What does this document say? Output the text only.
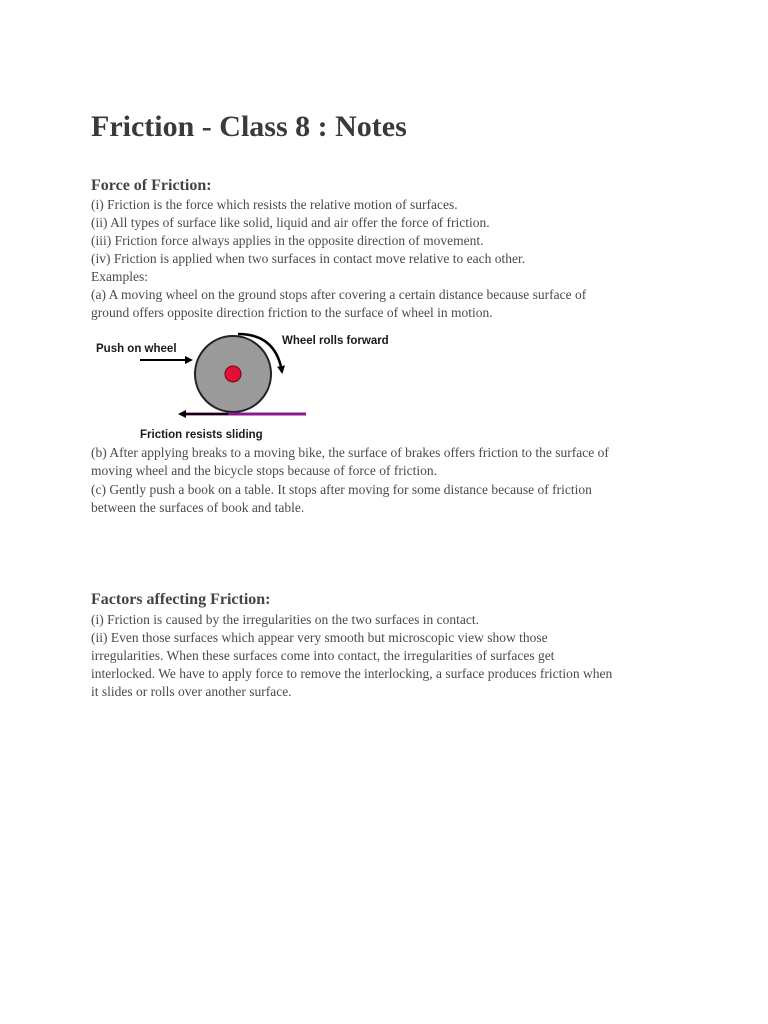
Friction - Class 8 : Notes
Force of Friction:
(i) Friction is the force which resists the relative motion of surfaces.
(ii) All types of surface like solid, liquid and air offer the force of friction.
(iii) Friction force always applies in the opposite direction of movement.
(iv) Friction is applied when two surfaces in contact move relative to each other.
Examples:
(a) A moving wheel on the ground stops after covering a certain distance because surface of
ground offers opposite direction friction to the surface of wheel in motion.
Push on wheel
Wheel rolls forward
Friction resists sliding
(b) After applying breaks to a moving bike, the surface of brakes offers friction to the surface of
moving wheel and the bicycle stops because of force of friction.
(c) Gently push a book on a table. It stops after moving for some distance because of friction
between the surfaces of book and table.
Factors affecting Friction:
(i) Friction is caused by the irregularities on the two surfaces in contact.
(ii) Even those surfaces which appear very smooth but microscopic view show those
irregularities. When these surfaces come into contact, the irregularities of surfaces get
interlocked. We have to apply force to remove the interlocking, a surface produces friction when
it slides or rolls over another surface.
